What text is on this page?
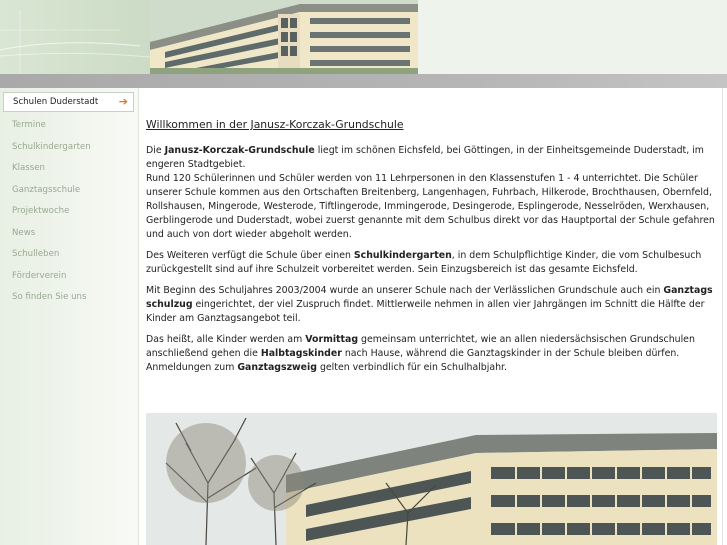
Schulen Duderstadt ➔
Termine
Schulkindergarten
Klassen
Ganztagsschule
Projektwoche
News
Schulleben
Förderverein
So finden Sie uns
Willkommen in der Janusz-Korczak-Grundschule

Die Janusz-Korczak-Grundschule liegt im schönen Eichsfeld, bei Göttingen, in der Einheitsgemeinde Duderstadt, im engeren Stadtgebiet.
Rund 120 Schülerinnen und Schüler werden von 11 Lehrpersonen in den Klassenstufen 1 - 4 unterrichtet. Die Schüler unserer Schule kommen aus den Ortschaften Breitenberg, Langenhagen, Fuhrbach, Hilkerode, Brochthausen, Obernfeld, Rollshausen, Mingerode, Westerode, Tiftlingerode, Immingerode, Desingerode, Esplingerode, Nesselröden, Werxhausen, Gerblingerode und Duderstadt, wobei zuerst genannte mit dem Schulbus direkt vor das Hauptportal der Schule gefahren und auch von dort wieder abgeholt werden.

Des Weiteren verfügt die Schule über einen Schulkindergarten, in dem Schulpflichtige Kinder, die vom Schulbesuch zurückgestellt sind auf ihre Schulzeit vorbereitet werden. Sein Einzugsbereich ist das gesamte Eichsfeld.

Mit Beginn des Schuljahres 2003/2004 wurde an unserer Schule nach der Verlässlichen Grundschule auch ein Ganztags schulzug eingerichtet, der viel Zuspruch findet. Mittlerweile nehmen in allen vier Jahrgängen im Schnitt die Hälfte der Kinder am Ganztagsangebot teil.

Das heißt, alle Kinder werden am Vormittag gemeinsam unterrichtet, wie an allen niedersächsischen Grundschulen anschließend gehen die Halbtagskinder nach Hause, während die Ganztagskinder in der Schule bleiben dürfen.
Anmeldungen zum Ganztagszweig gelten verbindlich für ein Schulhalbjahr.
